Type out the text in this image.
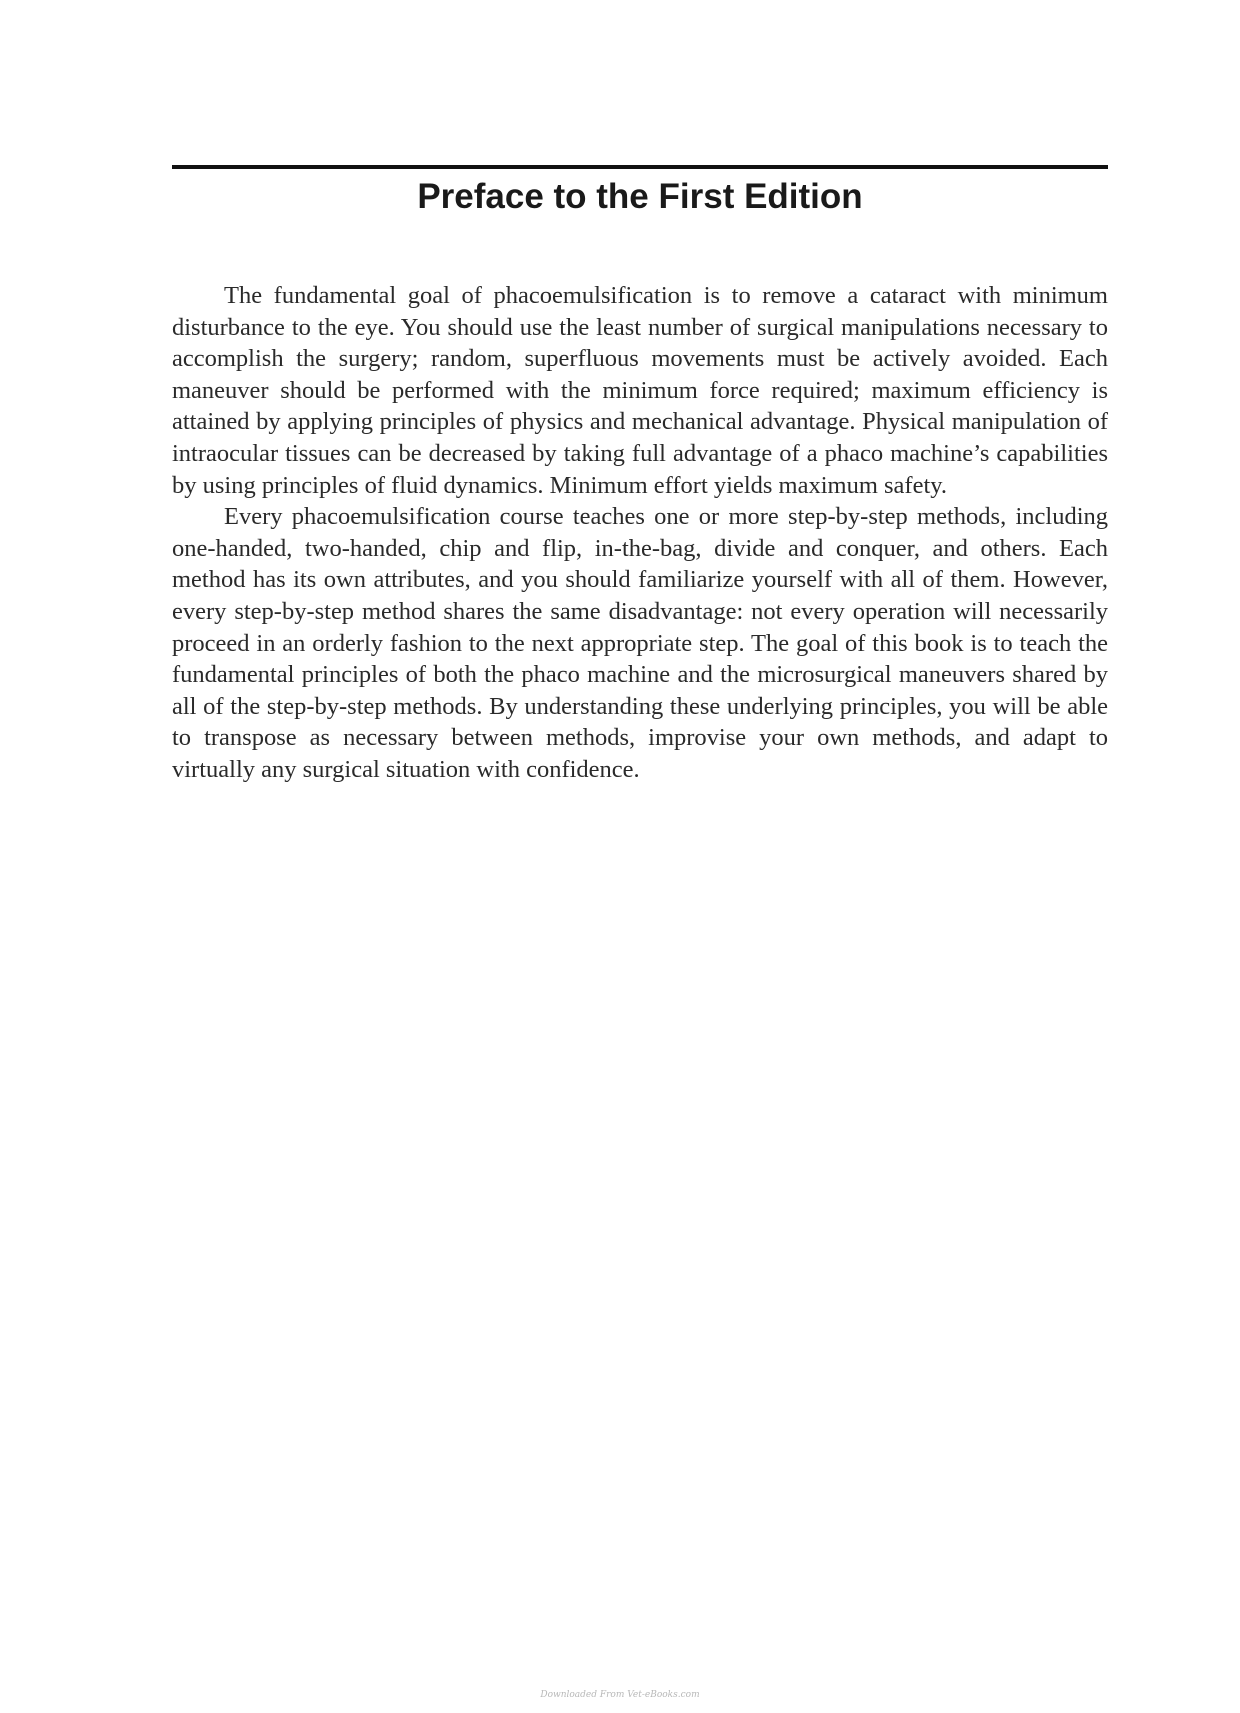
Preface to the First Edition

The fundamental goal of phacoemulsification is to remove a cataract with minimum disturbance to the eye. You should use the least number of surgical manipulations necessary to accomplish the surgery; random, superfluous movements must be actively avoided. Each maneuver should be performed with the minimum force required; maximum efficiency is attained by applying principles of physics and mechanical advantage. Physical manipulation of intraocular tissues can be decreased by taking full advantage of a phaco machine’s capabilities by using principles of fluid dynamics. Minimum effort yields maximum safety.

Every phacoemulsification course teaches one or more step-by-step methods, including one-handed, two-handed, chip and flip, in-the-bag, divide and conquer, and others. Each method has its own attributes, and you should familiarize yourself with all of them. However, every step-by-step method shares the same disadvantage: not every operation will necessarily proceed in an orderly fashion to the next appropriate step. The goal of this book is to teach the fundamental principles of both the phaco machine and the microsurgical maneuvers shared by all of the step-by-step methods. By understanding these underlying principles, you will be able to transpose as necessary between methods, improvise your own methods, and adapt to virtually any surgical situation with confidence.

Downloaded From Vet-eBooks.com
